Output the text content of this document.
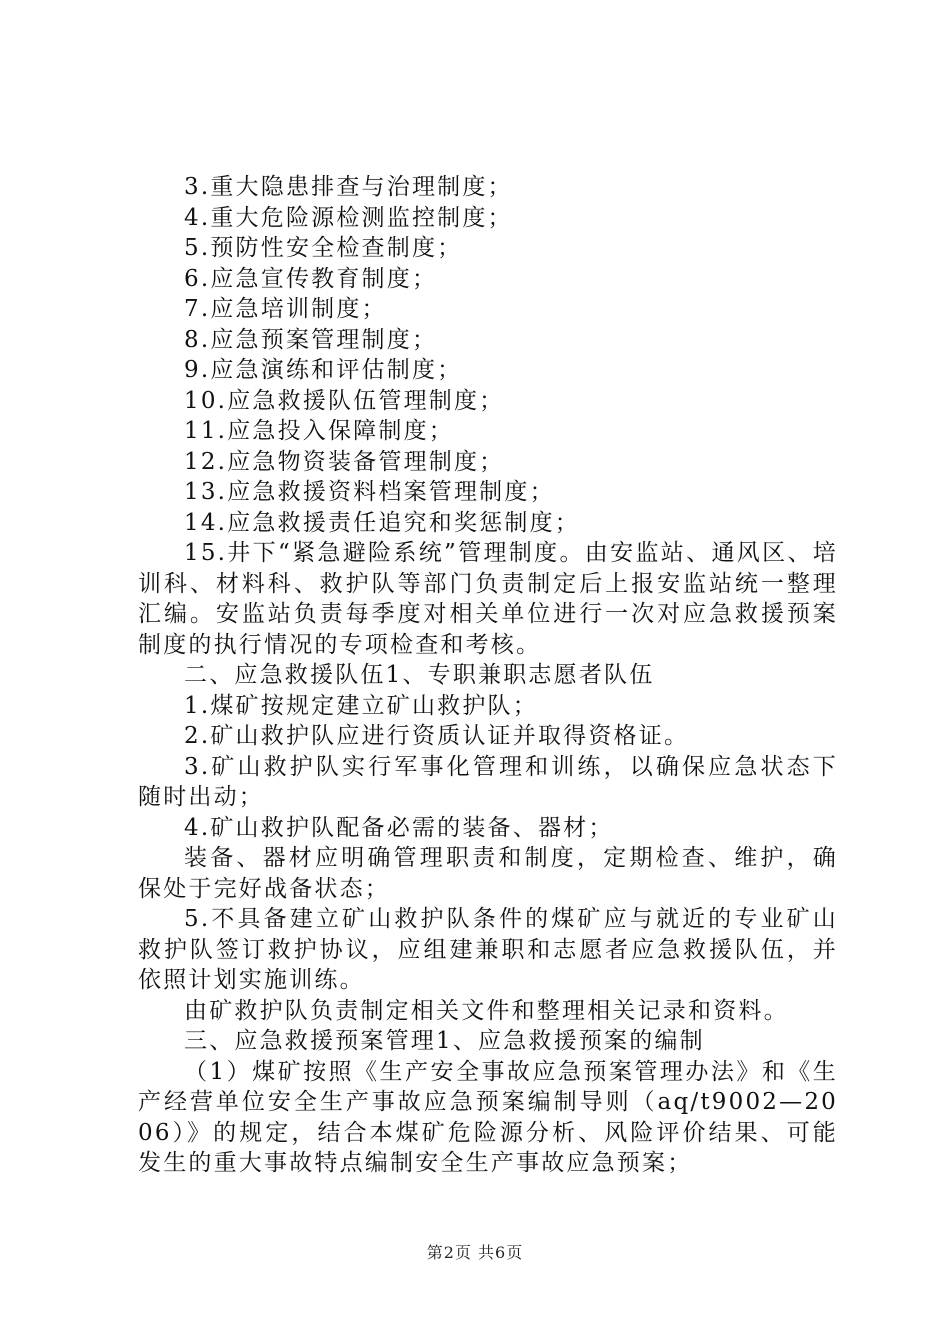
3.重大隐患排查与治理制度；

4.重大危险源检测监控制度；

5.预防性安全检查制度；

6.应急宣传教育制度；

7.应急培训制度；

8.应急预案管理制度；

9.应急演练和评估制度；

10.应急救援队伍管理制度；

11.应急投入保障制度；

12.应急物资装备管理制度；

13.应急救援资料档案管理制度；

14.应急救援责任追究和奖惩制度；

15.井下“紧急避险系统”管理制度。由安监站、通风区、培训科、材料科、救护队等部门负责制定后上报安监站统一整理汇编。安监站负责每季度对相关单位进行一次对应急救援预案制度的执行情况的专项检查和考核。

二、应急救援队伍1、专职兼职志愿者队伍

1.煤矿按规定建立矿山救护队；

2.矿山救护队应进行资质认证并取得资格证。

3.矿山救护队实行军事化管理和训练，以确保应急状态下随时出动；

4.矿山救护队配备必需的装备、器材；

装备、器材应明确管理职责和制度，定期检查、维护，确保处于完好战备状态；

5.不具备建立矿山救护队条件的煤矿应与就近的专业矿山救护队签订救护协议，应组建兼职和志愿者应急救援队伍，并依照计划实施训练。

由矿救护队负责制定相关文件和整理相关记录和资料。

三、应急救援预案管理1、应急救援预案的编制

（1）煤矿按照《生产安全事故应急预案管理办法》和《生产经营单位安全生产事故应急预案编制导则（aq/t9002—2006）》的规定，结合本煤矿危险源分析、风险评价结果、可能发生的重大事故特点编制安全生产事故应急预案；

第2页 共6页
